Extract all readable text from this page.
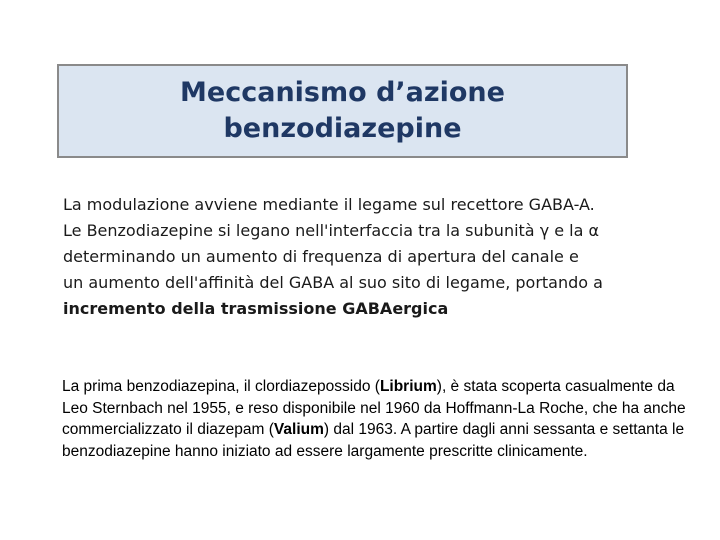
Meccanismo d’azione
benzodiazepine

La modulazione avviene mediante il legame sul recettore GABA-A.

Le Benzodiazepine si legano nell'interfaccia tra la subunità γ e la α determinando un aumento di frequenza di apertura del canale e un aumento dell'affinità del GABA al suo sito di legame, portando a incremento della trasmissione GABAergica

La prima benzodiazepina, il clordiazepossido (Librium), è stata scoperta casualmente da Leo Sternbach nel 1955, e reso disponibile nel 1960 da Hoffmann-La Roche, che ha anche commercializzato il diazepam (Valium) dal 1963. A partire dagli anni sessanta e settanta le benzodiazepine hanno iniziato ad essere largamente prescritte clinicamente.
